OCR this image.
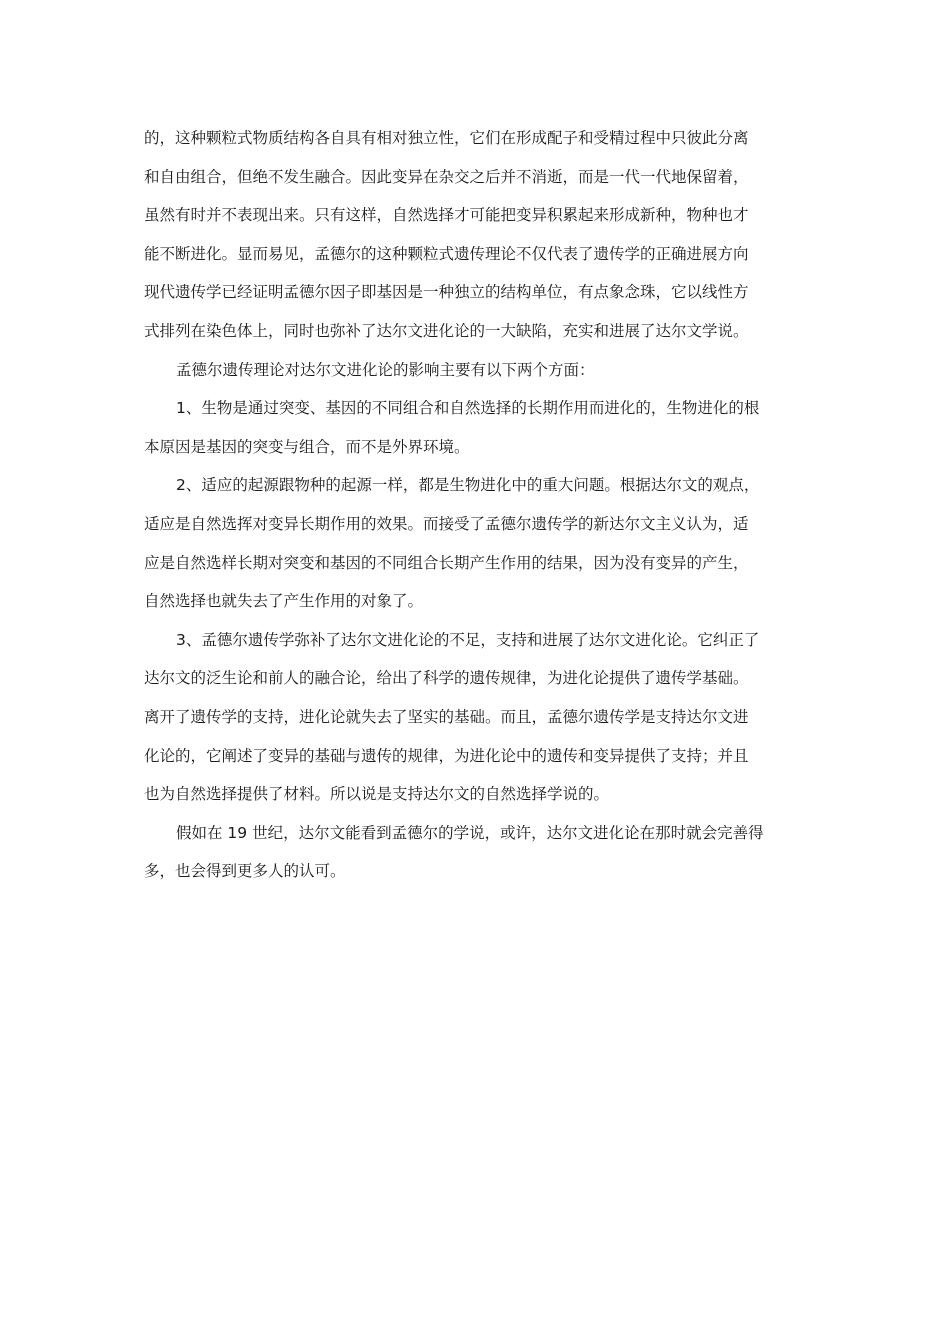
的，这种颗粒式物质结构各自具有相对独立性，它们在形成配子和受精过程中只彼此分离
和自由组合，但绝不发生融合。因此变异在杂交之后并不消逝，而是一代一代地保留着，
虽然有时并不表现出来。只有这样，自然选择才可能把变异积累起来形成新种，物种也才
能不断进化。显而易见，孟德尔的这种颗粒式遗传理论不仅代表了遗传学的正确进展方向
现代遗传学已经证明孟德尔因子即基因是一种独立的结构单位，有点象念珠，它以线性方
式排列在染色体上，同时也弥补了达尔文进化论的一大缺陷，充实和进展了达尔文学说。
孟德尔遗传理论对达尔文进化论的影响主要有以下两个方面：
1、生物是通过突变、基因的不同组合和自然选择的长期作用而进化的，生物进化的根
本原因是基因的突变与组合，而不是外界环境。
2、适应的起源跟物种的起源一样，都是生物进化中的重大问题。根据达尔文的观点，
适应是自然选挥对变异长期作用的效果。而接受了孟德尔遗传学的新达尔文主义认为，适
应是自然选样长期对突变和基因的不同组合长期产生作用的结果，因为没有变异的产生，
自然选择也就失去了产生作用的对象了。
3、孟德尔遗传学弥补了达尔文进化论的不足，支持和进展了达尔文进化论。它纠正了
达尔文的泛生论和前人的融合论，给出了科学的遗传规律，为进化论提供了遗传学基础。
离开了遗传学的支持，进化论就失去了坚实的基础。而且，孟德尔遗传学是支持达尔文进
化论的，它阐述了变异的基础与遗传的规律，为进化论中的遗传和变异提供了支持；并且
也为自然选择提供了材料。所以说是支持达尔文的自然选择学说的。
假如在 19 世纪，达尔文能看到孟德尔的学说，或许，达尔文进化论在那时就会完善得
多，也会得到更多人的认可。
